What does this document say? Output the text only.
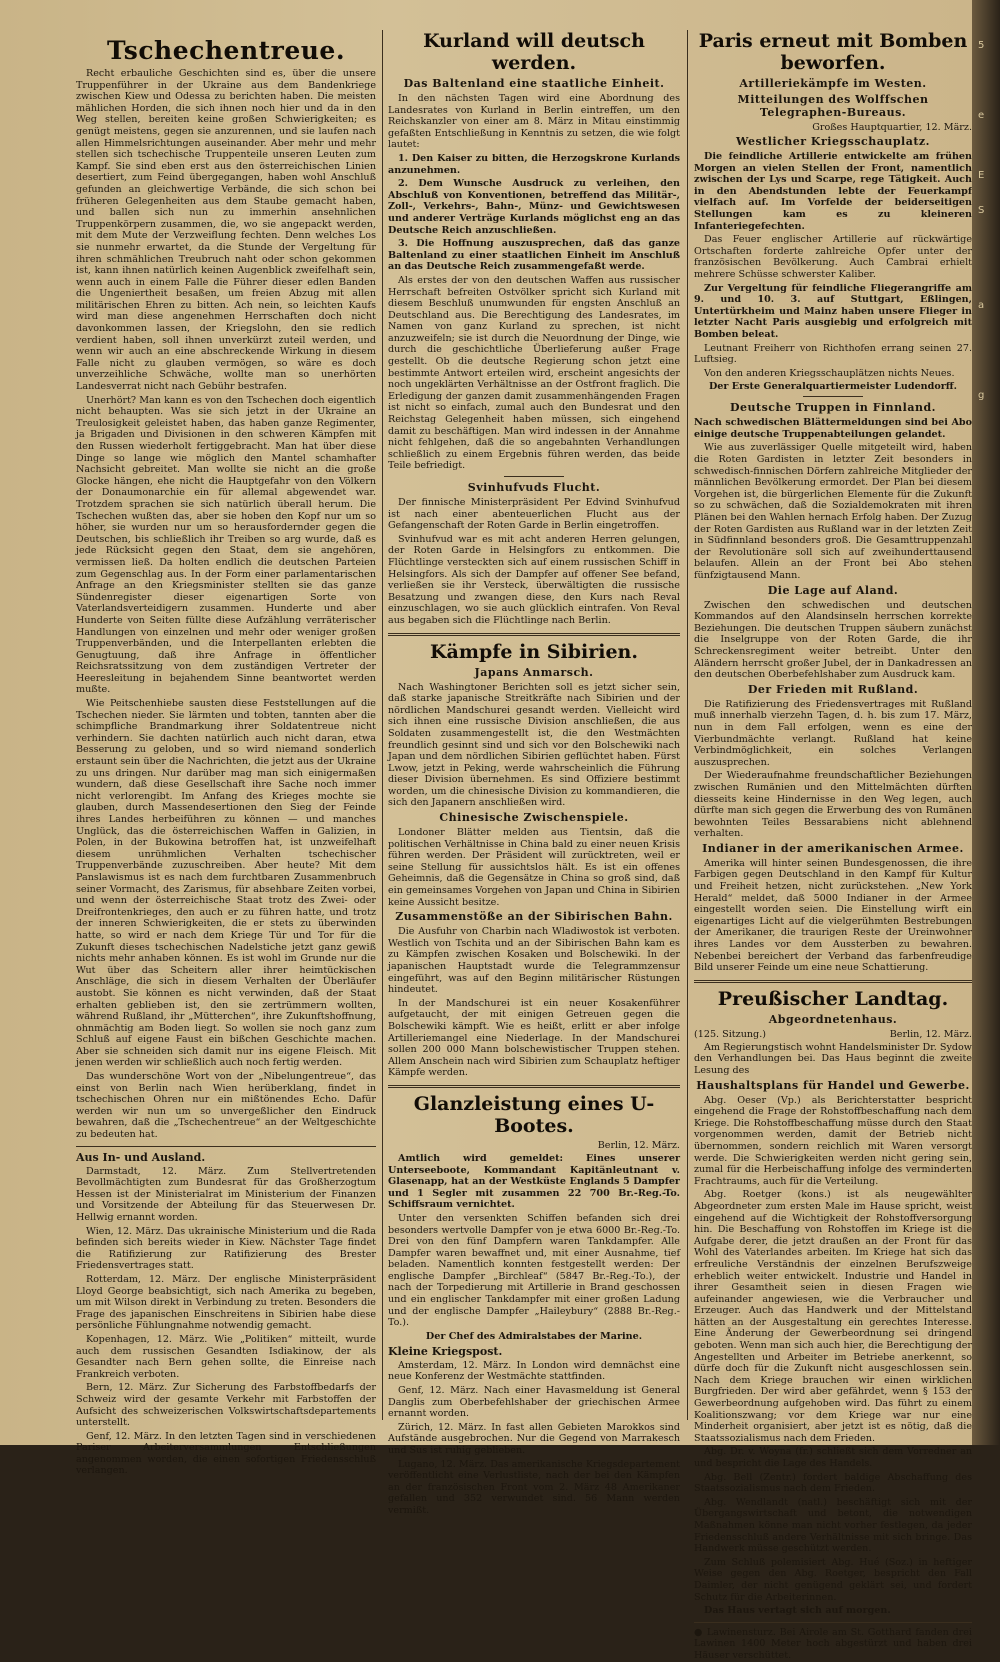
Tschechentreue.

Recht erbauliche Geschichten sind es, über die unsere Truppenführer in der Ukraine aus dem Bandenkriege zwischen Kiew und Odessa zu berichten haben. Die meisten mählichen Horden, die sich ihnen noch hier und da in den Weg stellen, bereiten keine großen Schwierigkeiten; es genügt meistens, gegen sie anzurennen, und sie laufen nach allen Himmelsrichtungen auseinander. Aber mehr und mehr stellen sich tschechische Truppenteile unseren Leuten zum Kampf. Sie sind eben erst aus den österreichischen Linien desertiert, zum Feind übergegangen, haben wohl Anschluß gefunden an gleichwertige Verbände, die sich schon bei früheren Gelegenheiten aus dem Staube gemacht haben, und ballen sich nun zu immerhin ansehnlichen Truppenkörpern zusammen, die, wo sie angepackt werden, mit dem Mute der Verzweiflung fechten. Denn welches Los sie nunmehr erwartet, da die Stunde der Vergeltung für ihren schmählichen Treubruch naht oder schon gekommen ist, kann ihnen natürlich keinen Augenblick zweifelhaft sein, wenn auch in einem Falle die Führer dieser edlen Banden die Ungeniertheit besaßen, um freien Abzug mit allen militärischen Ehren zu bitten. Ach nein, so leichten Kaufs wird man diese angenehmen Herrschaften doch nicht davonkommen lassen, der Kriegslohn, den sie redlich verdient haben, soll ihnen unverkürzt zuteil werden, und wenn wir auch an eine abschreckende Wirkung in diesem Falle nicht zu glauben vermögen, so wäre es doch unverzeihliche Schwäche, wollte man so unerhörten Landesverrat nicht nach Gebühr bestrafen.

Unerhört? Man kann es von den Tschechen doch eigentlich nicht behaupten. Was sie sich jetzt in der Ukraine an Treulosigkeit geleistet haben, das haben ganze Regimenter, ja Brigaden und Divisionen in den schweren Kämpfen mit den Russen wiederholt fertiggebracht. Man hat über diese Dinge so lange wie möglich den Mantel schamhafter Nachsicht gebreitet. Man wollte sie nicht an die große Glocke hängen, ehe nicht die Hauptgefahr von den Völkern der Donaumonarchie ein für allemal abgewendet war. Trotzdem sprachen sie sich natürlich überall herum. Die Tschechen wußten das, aber sie hoben den Kopf nur um so höher, sie wurden nur um so herausfordernder gegen die Deutschen, bis schließlich ihr Treiben so arg wurde, daß es jede Rücksicht gegen den Staat, dem sie angehören, vermissen ließ. Da holten endlich die deutschen Parteien zum Gegenschlag aus. In der Form einer parlamentarischen Anfrage an den Kriegsminister stellten sie das ganze Sündenregister dieser eigenartigen Sorte von Vaterlandsverteidigern zusammen. Hunderte und aber Hunderte von Seiten füllte diese Aufzählung verräterischer Handlungen von einzelnen und mehr oder weniger großen Truppenverbänden, und die Interpellanten erlebten die Genugtuung, daß ihre Anfrage in öffentlicher Reichsratssitzung von dem zuständigen Vertreter der Heeresleitung in bejahendem Sinne beantwortet werden mußte.

Wie Peitschenhiebe sausten diese Feststellungen auf die Tschechen nieder. Sie lärmten und tobten, tannten aber die schimpfliche Brandmarkung ihrer Soldatentreue nicht verhindern. Sie dachten natürlich auch nicht daran, etwa Besserung zu geloben, und so wird niemand sonderlich erstaunt sein über die Nachrichten, die jetzt aus der Ukraine zu uns dringen. Nur darüber mag man sich einigermaßen wundern, daß diese Gesellschaft ihre Sache noch immer nicht verlorengibt. Im Anfang des Krieges mochte sie glauben, durch Massendesertionen den Sieg der Feinde ihres Landes herbeiführen zu können — und manches Unglück, das die österreichischen Waffen in Galizien, in Polen, in der Bukowina betroffen hat, ist unzweifelhaft diesem unrühmlichen Verhalten tschechischer Truppenverbände zuzuschreiben. Aber heute? Mit dem Panslawismus ist es nach dem furchtbaren Zusammenbruch seiner Vormacht, des Zarismus, für absehbare Zeiten vorbei, und wenn der österreichische Staat trotz des Zwei- oder Dreifrontenkrieges, den auch er zu führen hatte, und trotz der inneren Schwierigkeiten, die er stets zu überwinden hatte, so wird er nach dem Kriege Tür und Tor für die Zukunft dieses tschechischen Nadelstiche jetzt ganz gewiß nichts mehr anhaben können. Es ist wohl im Grunde nur die Wut über das Scheitern aller ihrer heimtückischen Anschläge, die sich in diesem Verhalten der Überläufer austobt. Sie können es nicht verwinden, daß der Staat erhalten geblieben ist, den sie zertrümmern wollten, während Rußland, ihr „Mütterchen“, ihre Zukunftshoffnung, ohnmächtig am Boden liegt. So wollen sie noch ganz zum Schluß auf eigene Faust ein bißchen Geschichte machen. Aber sie schneiden sich damit nur ins eigene Fleisch. Mit jenen werden wir schließlich auch noch fertig werden.

Das wunderschöne Wort von der „Nibelungentreue“, das einst von Berlin nach Wien herüberklang, findet in tschechischen Ohren nur ein mißtönendes Echo. Dafür werden wir nun um so unvergeßlicher den Eindruck bewahren, daß die „Tschechentreue“ an der Weltgeschichte zu bedeuten hat.

Aus In- und Ausland.

Darmstadt, 12. März. Zum Stellvertretenden Bevollmächtigten zum Bundesrat für das Großherzogtum Hessen ist der Ministerialrat im Ministerium der Finanzen und Vorsitzende der Abteilung für das Steuerwesen Dr. Hellwig ernannt worden.

Wien, 12. März. Das ukrainische Ministerium und die Rada befinden sich bereits wieder in Kiew. Nächster Tage findet die Ratifizierung zur Ratifizierung des Brester Friedensvertrages statt.

Rotterdam, 12. März. Der englische Ministerpräsident Lloyd George beabsichtigt, sich nach Amerika zu begeben, um mit Wilson direkt in Verbindung zu treten. Besonders die Frage des japanischen Einschreitens in Sibirien habe diese persönliche Fühlungnahme notwendig gemacht.

Kopenhagen, 12. März. Wie „Politiken“ mitteilt, wurde auch dem russischen Gesandten Isdiakinow, der als Gesandter nach Bern gehen sollte, die Einreise nach Frankreich verboten.

Bern, 12. März. Zur Sicherung des Farbstoffbedarfs der Schweiz wird der gesamte Verkehr mit Farbstoffen der Aufsicht des schweizerischen Volkswirtschaftsdepartements unterstellt.

Genf, 12. März. In den letzten Tagen sind in verschiedenen Pariser Arbeiterversammlungen Entschließungen angenommen worden, die einen sofortigen Friedensschluß verlangen.

Kurland will deutsch werden.
Das Baltenland eine staatliche Einheit.

In den nächsten Tagen wird eine Abordnung des Landesrates von Kurland in Berlin eintreffen, um den Reichskanzler von einer am 8. März in Mitau einstimmig gefaßten Entschließung in Kenntnis zu setzen, die wie folgt lautet:

1. Den Kaiser zu bitten, die Herzogskrone Kurlands anzunehmen.

2. Dem Wunsche Ausdruck zu verleihen, den Abschluß von Konventionen, betreffend das Militär-, Zoll-, Verkehrs-, Bahn-, Münz- und Gewichtswesen und anderer Verträge Kurlands möglichst eng an das Deutsche Reich anzuschließen.

3. Die Hoffnung auszusprechen, daß das ganze Baltenland zu einer staatlichen Einheit im Anschluß an das Deutsche Reich zusammengefaßt werde.

Als erstes der von den deutschen Waffen aus russischer Herrschaft befreiten Ostvölker spricht sich Kurland mit diesem Beschluß unumwunden für engsten Anschluß an Deutschland aus. Die Berechtigung des Landesrates, im Namen von ganz Kurland zu sprechen, ist nicht anzuzweifeln; sie ist durch die Neuordnung der Dinge, wie durch die geschichtliche Überlieferung außer Frage gestellt. Ob die deutsche Regierung schon jetzt eine bestimmte Antwort erteilen wird, erscheint angesichts der noch ungeklärten Verhältnisse an der Ostfront fraglich. Die Erledigung der ganzen damit zusammenhängenden Fragen ist nicht so einfach, zumal auch den Bundesrat und den Reichstag Gelegenheit haben müssen, sich eingehend damit zu beschäftigen. Man wird indessen in der Annahme nicht fehlgehen, daß die so angebahnten Verhandlungen schließlich zu einem Ergebnis führen werden, das beide Teile befriedigt.

Svinhufvuds Flucht.

Der finnische Ministerpräsident Per Edvind Svinhufvud ist nach einer abenteuerlichen Flucht aus der Gefangenschaft der Roten Garde in Berlin eingetroffen.

Svinhufvud war es mit acht anderen Herren gelungen, der Roten Garde in Helsingfors zu entkommen. Die Flüchtlinge versteckten sich auf einem russischen Schiff in Helsingfors. Als sich der Dampfer auf offener See befand, verließen sie ihr Versteck, überwältigten die russische Besatzung und zwangen diese, den Kurs nach Reval einzuschlagen, wo sie auch glücklich eintrafen. Von Reval aus begaben sich die Flüchtlinge nach Berlin.

Kämpfe in Sibirien.
Japans Anmarsch.

Nach Washingtoner Berichten soll es jetzt sicher sein, daß starke japanische Streitkräfte nach Sibirien und der nördlichen Mandschurei gesandt werden. Vielleicht wird sich ihnen eine russische Division anschließen, die aus Soldaten zusammengestellt ist, die den Westmächten freundlich gesinnt sind und sich vor den Bolschewiki nach Japan und dem nördlichen Sibirien geflüchtet haben. Fürst Lwow, jetzt in Peking, werde wahrscheinlich die Führung dieser Division übernehmen. Es sind Offiziere bestimmt worden, um die chinesische Division zu kommandieren, die sich den Japanern anschließen wird.

Chinesische Zwischenspiele.

Londoner Blätter melden aus Tientsin, daß die politischen Verhältnisse in China bald zu einer neuen Krisis führen werden. Der Präsident will zurücktreten, weil er seine Stellung für aussichtslos hält. Es ist ein offenes Geheimnis, daß die Gegensätze in China so groß sind, daß ein gemeinsames Vorgehen von Japan und China in Sibirien keine Aussicht besitze.

Zusammenstöße an der Sibirischen Bahn.

Die Ausfuhr von Charbin nach Wladiwostok ist verboten. Westlich von Tschita und an der Sibirischen Bahn kam es zu Kämpfen zwischen Kosaken und Bolschewiki. In der japanischen Hauptstadt wurde die Telegrammzensur eingeführt, was auf den Beginn militärischer Rüstungen hindeutet.

In der Mandschurei ist ein neuer Kosakenführer aufgetaucht, der mit einigen Getreuen gegen die Bolschewiki kämpft. Wie es heißt, erlitt er aber infolge Artilleriemangel eine Niederlage. In der Mandschurei sollen 200 000 Mann bolschewistischer Truppen stehen. Allem Anschein nach wird Sibirien zum Schauplatz heftiger Kämpfe werden.

Glanzleistung eines U-Bootes.
Berlin, 12. März.

Amtlich wird gemeldet: Eines unserer Unterseeboote, Kommandant Kapitänleutnant v. Glasenapp, hat an der Westküste Englands 5 Dampfer und 1 Segler mit zusammen 22 700 Br.-Reg.-To. Schiffsraum vernichtet.

Unter den versenkten Schiffen befanden sich drei besonders wertvolle Dampfer von je etwa 6000 Br.-Reg.-To. Drei von den fünf Dampfern waren Tankdampfer. Alle Dampfer waren bewaffnet und, mit einer Ausnahme, tief beladen. Namentlich konnten festgestellt werden: Der englische Dampfer „Birchleaf“ (5847 Br.-Reg.-To.), der nach der Torpedierung mit Artillerie in Brand geschossen und ein englischer Tankdampfer mit einer großen Ladung und der englische Dampfer „Haileybury“ (2888 Br.-Reg.-To.).

Der Chef des Admiralstabes der Marine.
Kleine Kriegspost.

Amsterdam, 12. März. In London wird demnächst eine neue Konferenz der Westmächte stattfinden.

Genf, 12. März. Nach einer Havasmeldung ist General Danglis zum Oberbefehlshaber der griechischen Armee ernannt worden.

Zürich, 12. März. In fast allen Gebieten Marokkos sind Aufstände ausgebrochen. Nur die Gegend von Marrakesch und Sus ist ruhig geblieben.

Lugano, 12. März. Das amerikanische Kriegsdepartement veröffentlicht eine Verlustliste, nach der bei den Kämpfen an der französischen Front vom 2. März 48 Amerikaner gefallen und 352 verwundet sind. 56 Mann werden vermißt.

Paris erneut mit Bomben beworfen.
Artilleriekämpfe im Westen.
Mitteilungen des Wolffschen Telegraphen-Bureaus.
Großes Hauptquartier, 12. März.
Westlicher Kriegsschauplatz.

Die feindliche Artillerie entwickelte am frühen Morgen an vielen Stellen der Front, namentlich zwischen der Lys und Scarpe, rege Tätigkeit. Auch in den Abendstunden lebte der Feuerkampf vielfach auf. Im Vorfelde der beiderseitigen Stellungen kam es zu kleineren Infanteriegefechten.

Das Feuer englischer Artillerie auf rückwärtige Ortschaften forderte zahlreiche Opfer unter der französischen Bevölkerung. Auch Cambrai erhielt mehrere Schüsse schwerster Kaliber.

Zur Vergeltung für feindliche Fliegerangriffe am 9. und 10. 3. auf Stuttgart, Eßlingen, Untertürkheim und Mainz haben unsere Flieger in letzter Nacht Paris ausgiebig und erfolgreich mit Bomben beleat.

Leutnant Freiherr von Richthofen errang seinen 27. Luftsieg.

Von den anderen Kriegsschauplätzen nichts Neues.

Der Erste Generalquartiermeister Ludendorff.
Deutsche Truppen in Finnland.

Nach schwedischen Blättermeldungen sind bei Abo einige deutsche Truppenabteilungen gelandet.

Wie aus zuverlässiger Quelle mitgeteilt wird, haben die Roten Gardisten in letzter Zeit besonders in schwedisch-finnischen Dörfern zahlreiche Mitglieder der männlichen Bevölkerung ermordet. Der Plan bei diesem Vorgehen ist, die bürgerlichen Elemente für die Zukunft so zu schwächen, daß die Sozialdemokraten mit ihren Plänen bei den Wahlen hernach Erfolg haben. Der Zuzug der Roten Gardisten aus Rußland war in der letzten Zeit in Südfinnland besonders groß. Die Gesamttruppenzahl der Revolutionäre soll sich auf zweihunderttausend belaufen. Allein an der Front bei Abo stehen fünfzigtausend Mann.

Die Lage auf Aland.

Zwischen den schwedischen und deutschen Kommandos auf den Alandsinseln herrschen korrekte Beziehungen. Die deutschen Truppen säubern zunächst die Inselgruppe von der Roten Garde, die ihr Schreckensregiment weiter betreibt. Unter den Aländern herrscht großer Jubel, der in Dankadressen an den deutschen Oberbefehlshaber zum Ausdruck kam.

Der Frieden mit Rußland.

Die Ratifizierung des Friedensvertrages mit Rußland muß innerhalb vierzehn Tagen, d. h. bis zum 17. März, nun in dem Fall erfolgen, wenn es eine der Vierbundmächte verlangt. Rußland hat keine Verbindmöglichkeit, ein solches Verlangen auszusprechen.

Der Wiederaufnahme freundschaftlicher Beziehungen zwischen Rumänien und den Mittelmächten dürften diesseits keine Hindernisse in den Weg legen, auch dürfte man sich gegen die Erwerbung des von Rumänen bewohnten Teiles Bessarabiens nicht ablehnend verhalten.

Indianer in der amerikanischen Armee.

Amerika will hinter seinen Bundesgenossen, die ihre Farbigen gegen Deutschland in den Kampf für Kultur und Freiheit hetzen, nicht zurückstehen. „New York Herald“ meldet, daß 5000 Indianer in der Armee eingestellt worden seien. Die Einstellung wirft ein eigenartiges Licht auf die vielgerühmten Bestrebungen der Amerikaner, die traurigen Reste der Ureinwohner ihres Landes vor dem Aussterben zu bewahren. Nebenbei bereichert der Verband das farbenfreudige Bild unserer Feinde um eine neue Schattierung.

Preußischer Landtag.
Abgeordnetenhaus.
(125. Sitzung.)	Berlin, 12. März.

Am Regierungstisch wohnt Handelsminister Dr. Sydow den Verhandlungen bei. Das Haus beginnt die zweite Lesung des

Haushaltsplans für Handel und Gewerbe.

Abg. Oeser (Vp.) als Berichterstatter bespricht eingehend die Frage der Rohstoffbeschaffung nach dem Kriege. Die Rohstoffbeschaffung müsse durch den Staat vorgenommen werden, damit der Betrieb nicht übernommen, sondern reichlich mit Waren versorgt werde. Die Schwierigkeiten werden nicht gering sein, zumal für die Herbeischaffung infolge des verminderten Frachtraums, auch für die Verteilung.

Abg. Roetger (kons.) ist als neugewählter Abgeordneter zum ersten Male im Hause spricht, weist eingehend auf die Wichtigkeit der Rohstoffversorgung hin. Die Beschaffung von Rohstoffen im Kriege ist die Aufgabe derer, die jetzt draußen an der Front für das Wohl des Vaterlandes arbeiten. Im Kriege hat sich das erfreuliche Verständnis der einzelnen Berufszweige erheblich weiter entwickelt. Industrie und Handel in ihrer Gesamtheit seien in diesen Fragen wie aufeinander angewiesen, wie die Verbraucher und Erzeuger. Auch das Handwerk und der Mittelstand hätten an der Ausgestaltung ein gerechtes Interesse. Eine Änderung der Gewerbeordnung sei dringend geboten. Wenn man sich auch hier, die Berechtigung der Angestellten und Arbeiter im Betriebe anerkennt, so dürfe doch für die Zukunft nicht ausgeschlossen sein. Nach dem Kriege brauchen wir einen wirklichen Burgfrieden. Der wird aber gefährdet, wenn § 153 der Gewerbeordnung aufgehoben wird. Das führt zu einem Koalitionszwang; vor dem Kriege war nur eine Minderheit organisiert, aber jetzt ist es nötig, daß die Staatssozialismus nach dem Frieden.

Abg. Dr. v. Woyna (fr.) schließt sich dem Vorredner an und bespricht die Lage des Handels.

Abg. Bell (Zentr.) fordert baldige Abschaffung des Staatssozialismus nach dem Frieden.

Abg. Wendlandt (natl.) beschäftigt sich mit der Übergangswirtschaft und betont, die notwendigen Maßnahmen könne man nicht vorher festlegen, da jeder Friedensschluß andere Verhältnisse mit sich bringe. Das Handwerk müsse geschützt werden.

Zum Schluß polemisiert Abg. Hué (Soz.) in heftiger Weise gegen den Abg. Roetger, bespricht den Fall Daimler, der nicht genügend geklärt sei, und fordert Schutz für die Arbeiterinnen.

Das Haus vertagt sich auf morgen.

● Lawinensturz. Bei Airole am St. Gotthard fanden drei Lawinen 1400 Meter hoch abgestürzt und haben drei Häuser verschüttet.

5
e
E
S
a
g
